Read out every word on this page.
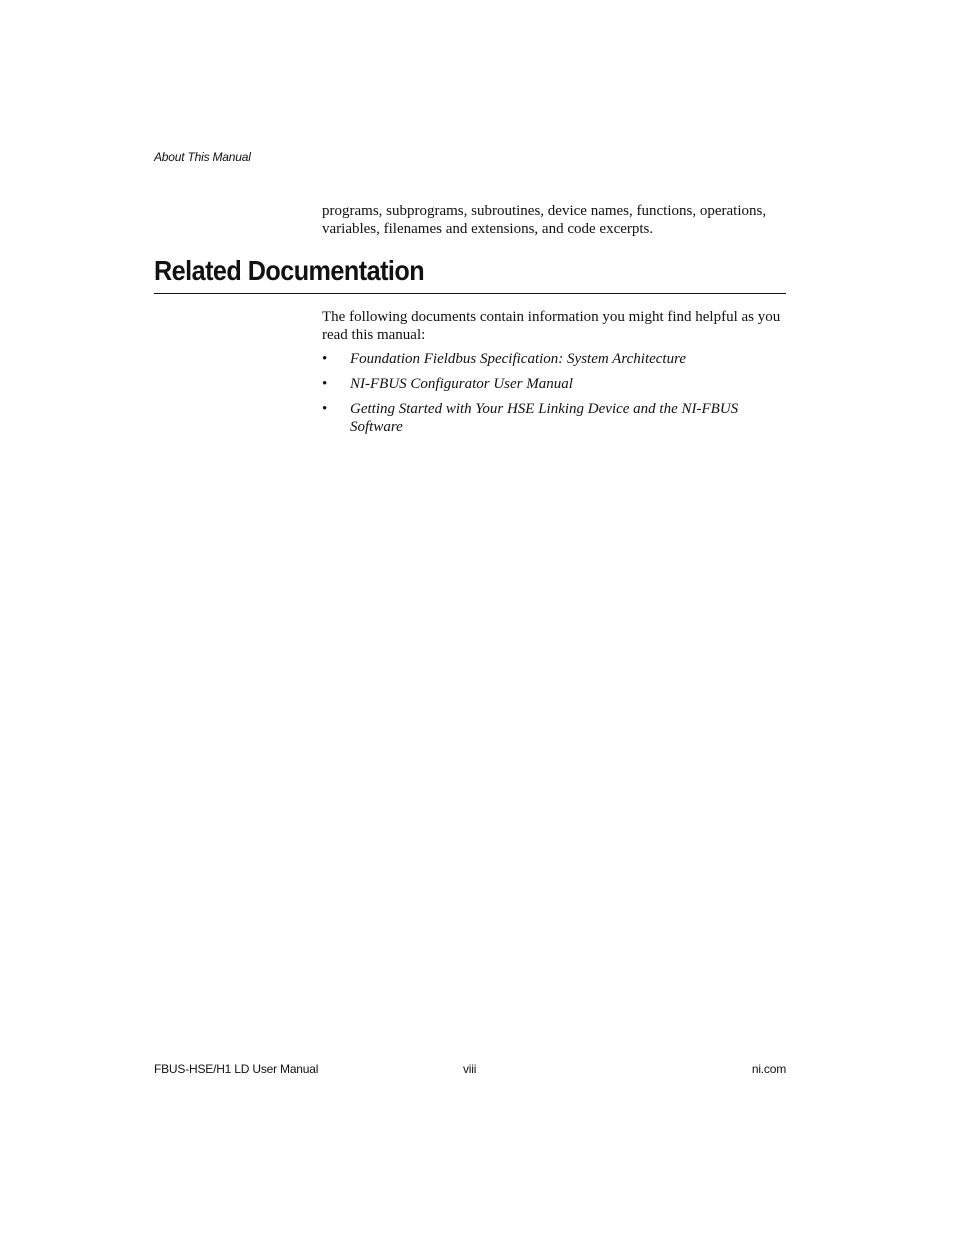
About This Manual

programs, subprograms, subroutines, device names, functions, operations, variables, filenames and extensions, and code excerpts.

Related Documentation

The following documents contain information you might find helpful as you read this manual:

• Foundation Fieldbus Specification: System Architecture
• NI-FBUS Configurator User Manual
• Getting Started with Your HSE Linking Device and the NI-FBUS Software
FBUS-HSE/H1 LD User Manual	viii	ni.com
